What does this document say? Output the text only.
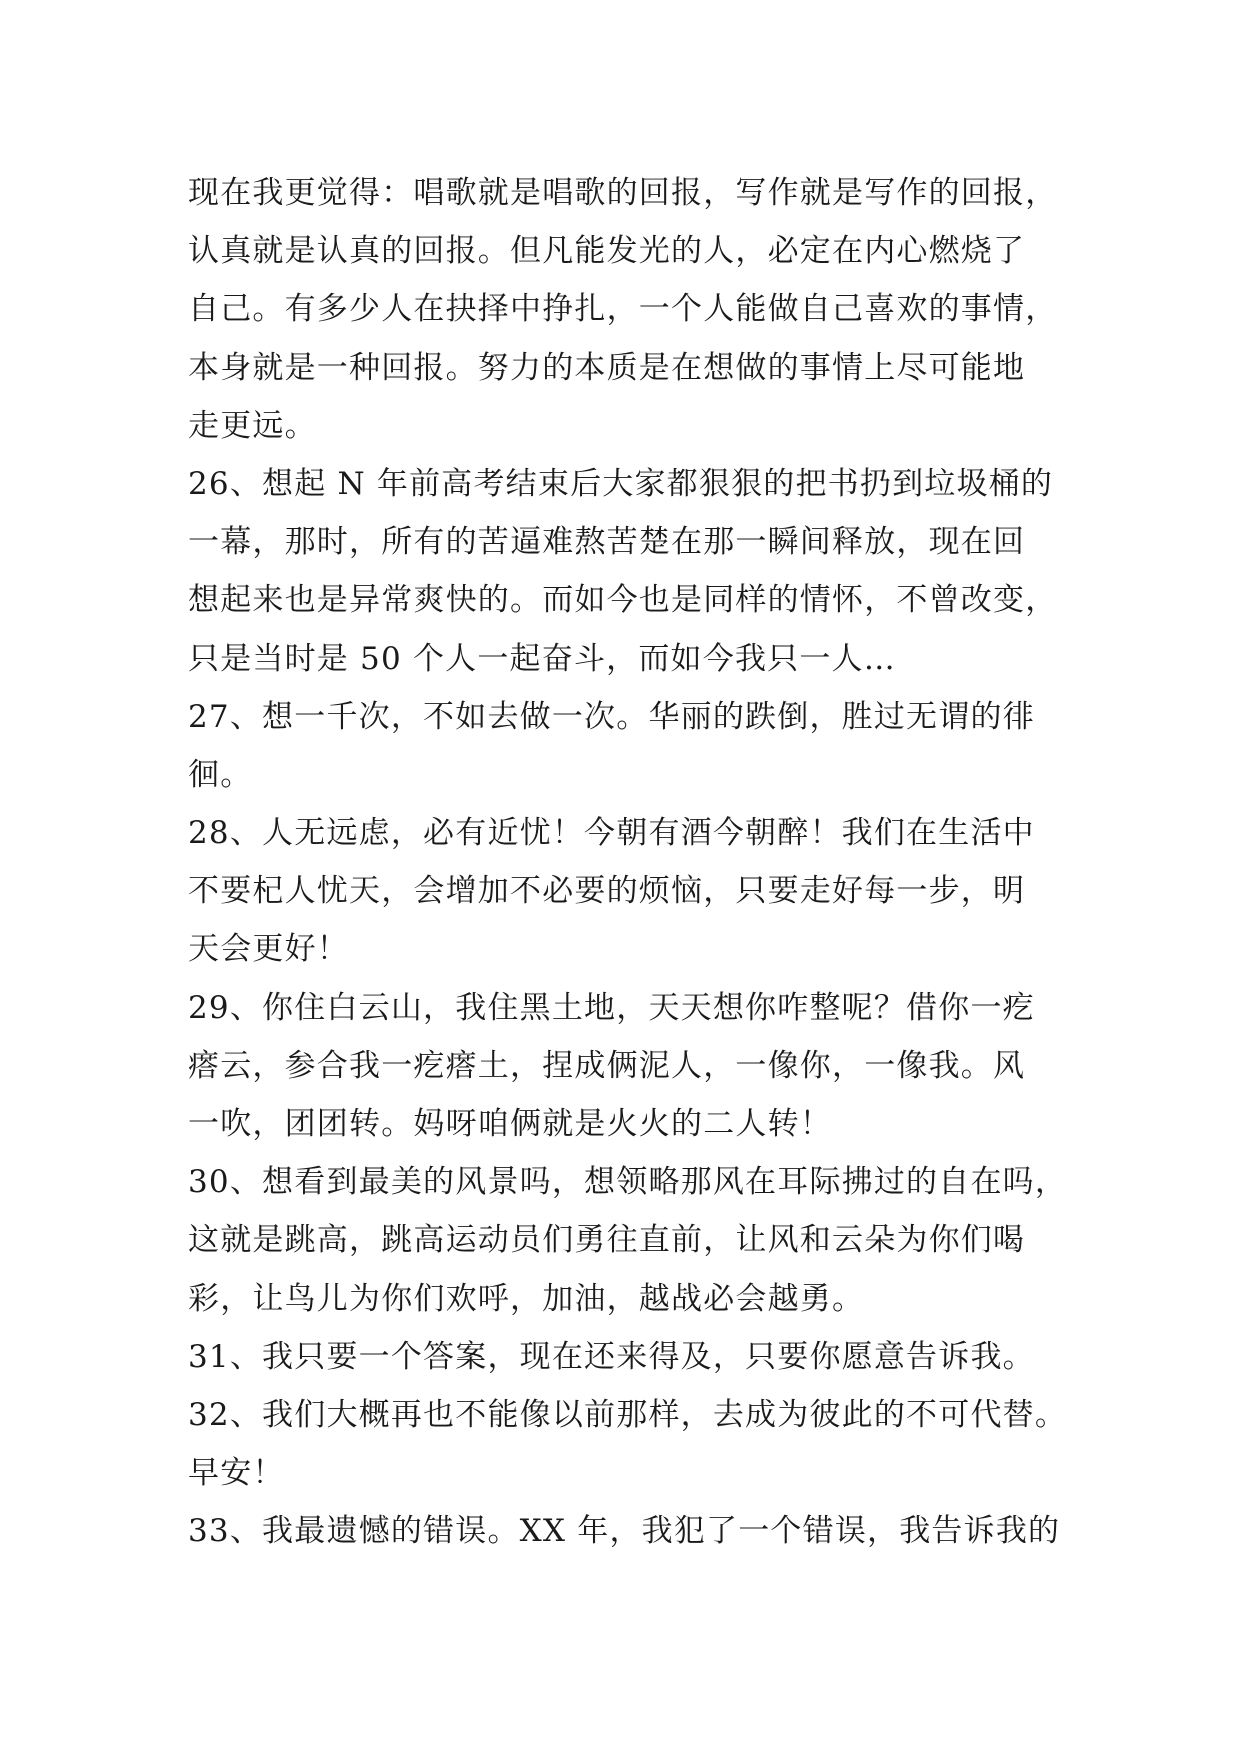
现在我更觉得：唱歌就是唱歌的回报，写作就是写作的回报，
认真就是认真的回报。但凡能发光的人，必定在内心燃烧了
自己。有多少人在抉择中挣扎，一个人能做自己喜欢的事情，
本身就是一种回报。努力的本质是在想做的事情上尽可能地
走更远。
26、想起 N 年前高考结束后大家都狠狠的把书扔到垃圾桶的
一幕，那时，所有的苦逼难熬苦楚在那一瞬间释放，现在回
想起来也是异常爽快的。而如今也是同样的情怀，不曾改变，
只是当时是 50 个人一起奋斗，而如今我只一人…
27、想一千次，不如去做一次。华丽的跌倒，胜过无谓的徘
徊。
28、人无远虑，必有近忧！今朝有酒今朝醉！我们在生活中
不要杞人忧天，会增加不必要的烦恼，只要走好每一步，明
天会更好！
29、你住白云山，我住黑土地，天天想你咋整呢？借你一疙
瘩云，参合我一疙瘩土，捏成俩泥人，一像你，一像我。风
一吹，团团转。妈呀咱俩就是火火的二人转！
30、想看到最美的风景吗，想领略那风在耳际拂过的自在吗，
这就是跳高，跳高运动员们勇往直前，让风和云朵为你们喝
彩，让鸟儿为你们欢呼，加油，越战必会越勇。
31、我只要一个答案，现在还来得及，只要你愿意告诉我。
32、我们大概再也不能像以前那样，去成为彼此的不可代替。
早安！
33、我最遗憾的错误。XX 年，我犯了一个错误，我告诉我的
